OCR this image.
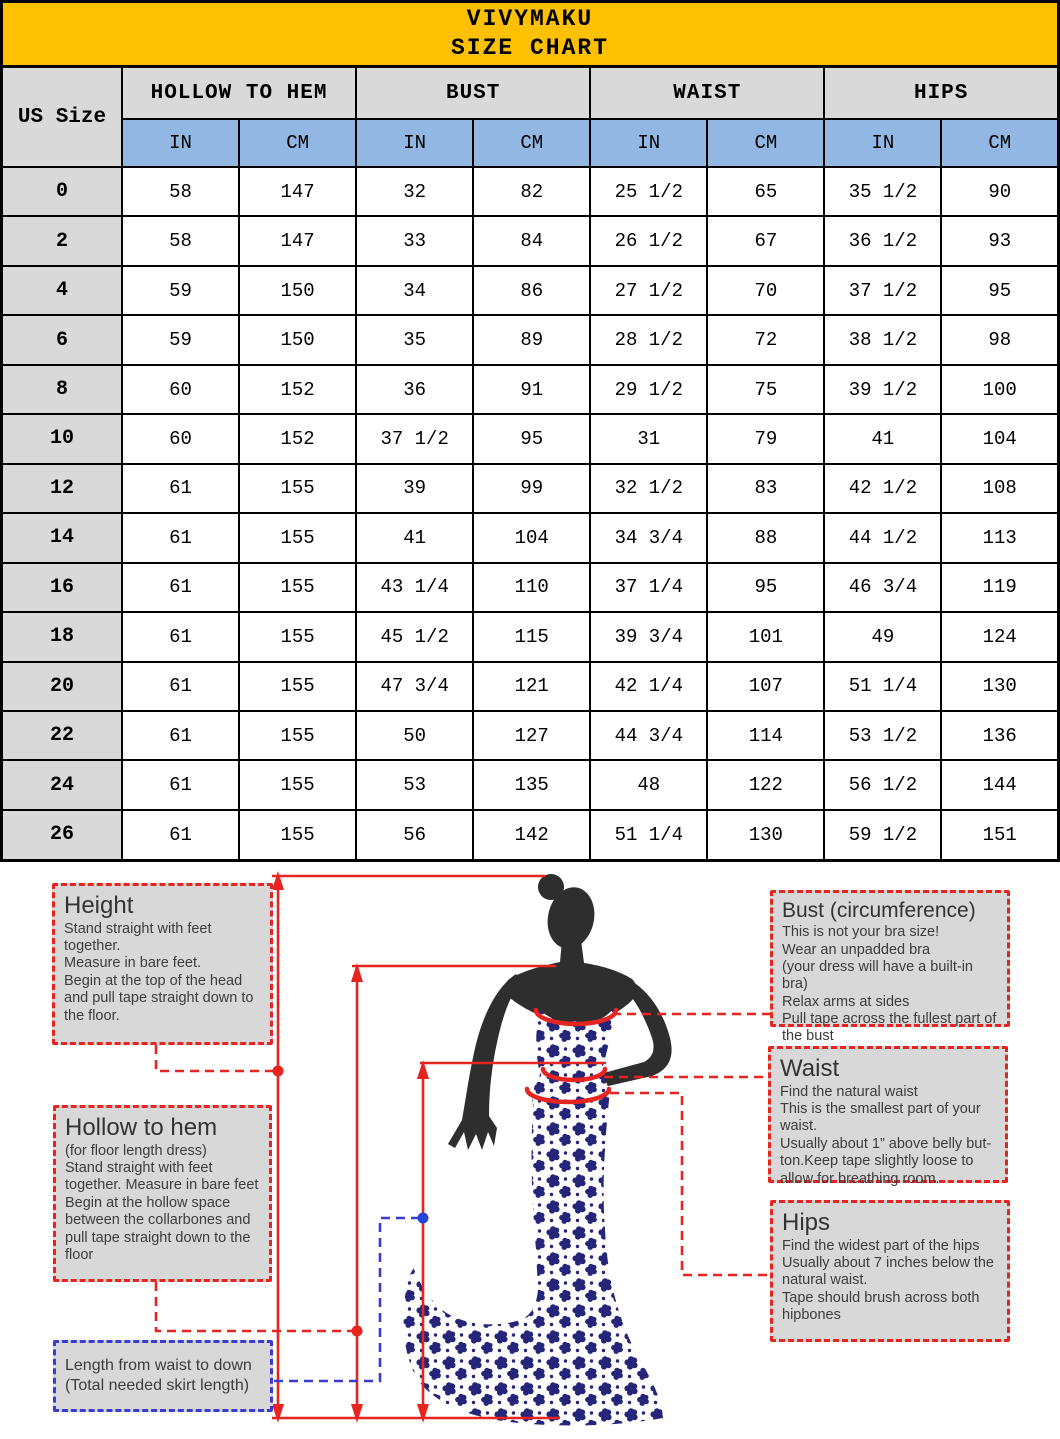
VIVYMAKU
SIZE CHART
US Size	HOLLOW TO HEM		BUST		WAIST		HIPS	
	IN	CM	IN	CM	IN	CM	IN	CM
0	58	147	32	82	25 1/2	65	35 1/2	90
2	58	147	33	84	26 1/2	67	36 1/2	93
4	59	150	34	86	27 1/2	70	37 1/2	95
6	59	150	35	89	28 1/2	72	38 1/2	98
8	60	152	36	91	29 1/2	75	39 1/2	100
10	60	152	37 1/2	95	31	79	41	104
12	61	155	39	99	32 1/2	83	42 1/2	108
14	61	155	41	104	34 3/4	88	44 1/2	113
16	61	155	43 1/4	110	37 1/4	95	46 3/4	119
18	61	155	45 1/2	115	39 3/4	101	49	124
20	61	155	47 3/4	121	42 1/4	107	51 1/4	130
22	61	155	50	127	44 3/4	114	53 1/2	136
24	61	155	53	135	48	122	56 1/2	144
26	61	155	56	142	51 1/4	130	59 1/2	151
Height
Stand straight with feet together.
Measure in bare feet.
Begin at the top of the head and pull tape straight down to the floor.
Hollow to hem
(for floor length dress)
Stand straight with feet together. Measure in bare feet
Begin at the hollow space between the collarbones and pull tape straight down to the floor
Length from waist to down
(Total needed skirt length)
Bust (circumference)
This is not your bra size!
Wear an unpadded bra
(your dress will have a built-in bra)
Relax arms at sides
Pull tape across the fullest part of the bust
Waist
Find the natural waist
This is the smallest part of your waist.
Usually about 1” above belly but-ton.Keep tape slightly loose to allow for breathing room.
Hips
Find the widest part of the hips
Usually about 7 inches below the natural waist.
Tape should brush across both hipbones
